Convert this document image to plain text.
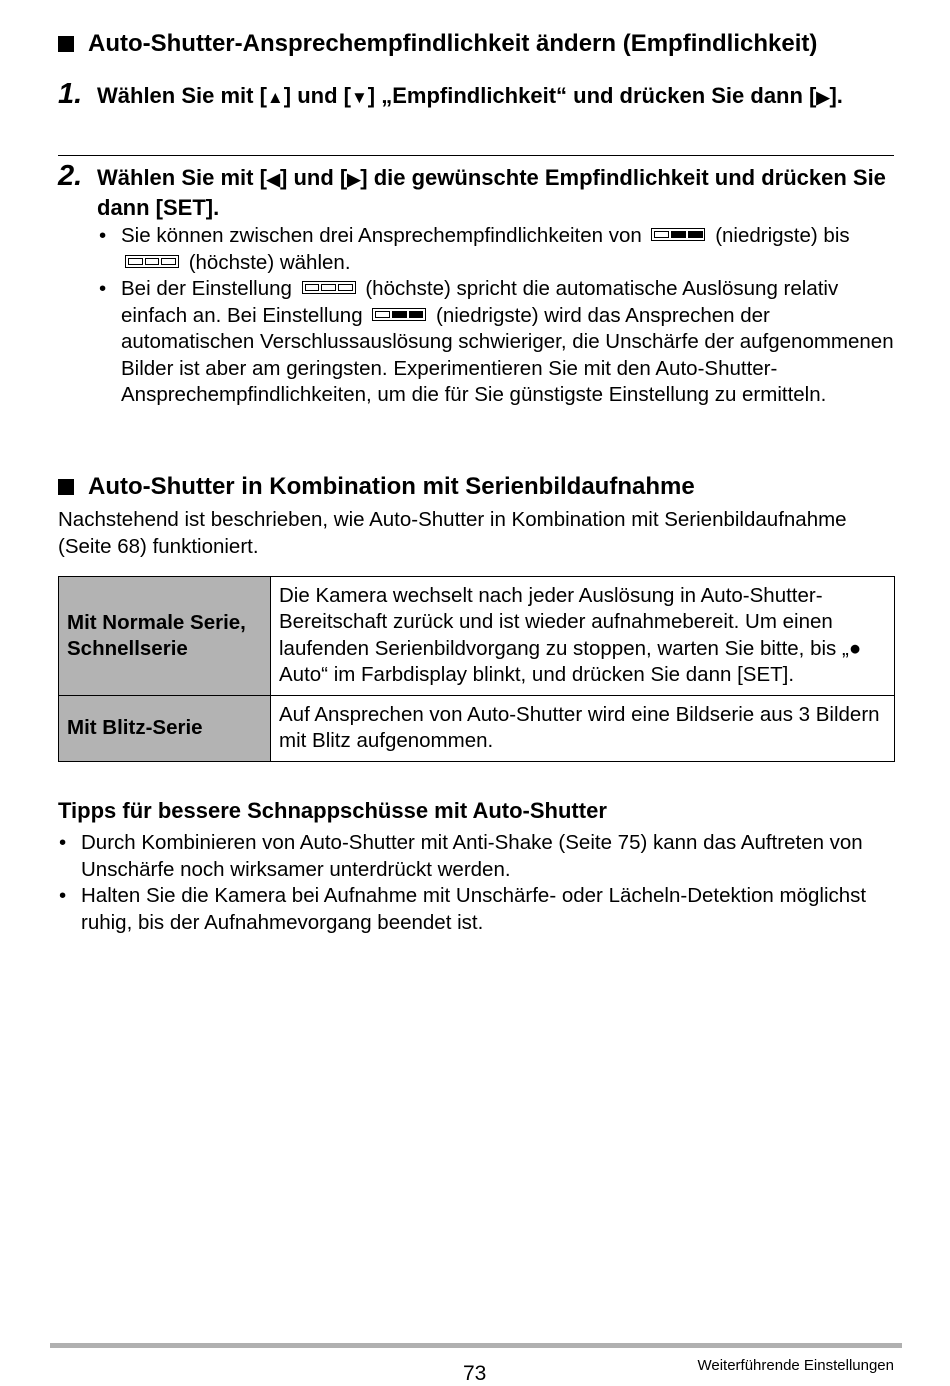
Auto-Shutter-Ansprechempfindlichkeit ändern (Empfindlichkeit)
1. Wählen Sie mit [▲] und [▼] „Empfindlichkeit“ und drücken Sie dann [▶].
2. Wählen Sie mit [◀] und [▶] die gewünschte Empfindlichkeit und drücken Sie dann [SET].
• Sie können zwischen drei Ansprechempfindlichkeiten von	(niedrigste) bis
(höchste) wählen.
• Bei der Einstellung	(höchste) spricht die automatische Auslösung relativ einfach an. Bei Einstellung	(niedrigste) wird das Ansprechen der automatischen Verschlussauslösung schwieriger, die Unschärfe der aufgenommenen Bilder ist aber am geringsten. Experimentieren Sie mit den Auto-Shutter-Ansprechempfindlichkeiten, um die für Sie günstigste Einstellung zu ermitteln.
Auto-Shutter in Kombination mit Serienbildaufnahme
Nachstehend ist beschrieben, wie Auto-Shutter in Kombination mit Serienbildaufnahme (Seite 68) funktioniert.
Mit Normale Serie, Schnellserie	Die Kamera wechselt nach jeder Auslösung in Auto-Shutter-Bereitschaft zurück und ist wieder aufnahmebereit. Um einen laufenden Serienbildvorgang zu stoppen, warten Sie bitte, bis „● Auto“ im Farbdisplay blinkt, und drücken Sie dann [SET].
Mit Blitz-Serie	Auf Ansprechen von Auto-Shutter wird eine Bildserie aus 3 Bildern mit Blitz aufgenommen.
Tipps für bessere Schnappschüsse mit Auto-Shutter
• Durch Kombinieren von Auto-Shutter mit Anti-Shake (Seite 75) kann das Auftreten von Unschärfe noch wirksamer unterdrückt werden.
• Halten Sie die Kamera bei Aufnahme mit Unschärfe- oder Lächeln-Detektion möglichst ruhig, bis der Aufnahmevorgang beendet ist.
73	Weiterführende Einstellungen
